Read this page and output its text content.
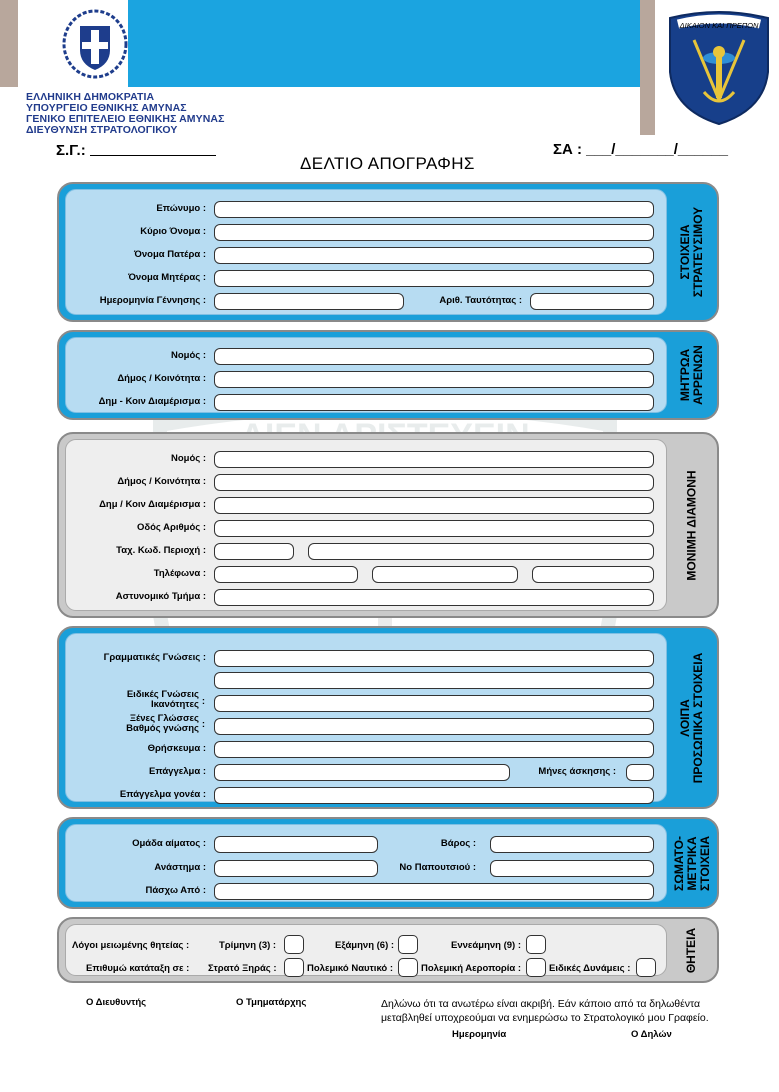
ΕΛΛΗΝΙΚΗ ΔΗΜΟΚΡΑΤΙΑ
ΥΠΟΥΡΓΕΙΟ ΕΘΝΙΚΗΣ ΑΜΥΝΑΣ
ΓΕΝΙΚΟ ΕΠΙΤΕΛΕΙΟ ΕΘΝΙΚΗΣ ΑΜΥΝΑΣ
ΔΙΕΥΘΥΝΣΗ ΣΤΡΑΤΟΛΟΓΙΚΟΥ
ΔΙΚΑΙΟΝ ΚΑΙ ΠΡΕΠΟΝ
Σ.Γ.:
ΔΕΛΤΙΟ ΑΠΟΓΡΑΦΗΣ
ΣΑ : ___/_______/______
Επώνυμο :
Κύριο Όνομα :
Όνομα Πατέρα :
Όνομα Μητέρας :
Ημερομηνία Γέννησης :	Αριθ. Ταυτότητας :
ΣΤΟΙΧΕΙΑ ΣΤΡΑΤΕΥΣΙΜΟΥ
Νομός :
Δήμος / Κοινότητα :
Δημ - Κοιν Διαμέρισμα :
ΜΗΤΡΩΑ ΑΡΡΕΝΩΝ
Νομός :
Δήμος / Κοινότητα :
Δημ / Κοιν Διαμέρισμα :
Οδός Αριθμός :
Ταχ. Κωδ. Περιοχή :
Τηλέφωνα :
Αστυνομικό Τμήμα :
ΜΟΝΙΜΗ ΔΙΑΜΟΝΗ
Γραμματικές Γνώσεις :
Ειδικές Γνώσεις
Ικανότητες :
Ξένες Γλώσσες
Βαθμός γνώσης :
Θρήσκευμα :
Επάγγελμα :	Μήνες άσκησης :
Επάγγελμα γονέα :
ΛΟΙΠΑ ΠΡΟΣΩΠΙΚΑ ΣΤΟΙΧΕΙΑ
Ομάδα αίματος :	Βάρος :
Ανάστημα :	Νο Παπουτσιού :
Πάσχω Από :
ΣΩΜΑΤΟ- ΜΕΤΡΙΚΑ ΣΤΟΙΧΕΙΑ
Λόγοι μειωμένης θητείας :	Τρίμηνη (3) :	Εξάμηνη (6) :	Εννεάμηνη (9) :
Επιθυμώ κατάταξη σε : Στρατό Ξηράς :	Πολεμικό Ναυτικό :	Πολεμική Αεροπορία :	Ειδικές Δυνάμεις :	ΘΗΤΕΙΑ
Ο Διευθυντής	Ο Τμηματάρχης	Δηλώνω ότι τα ανωτέρω είναι ακριβή. Εάν κάποιο από τα δηλωθέντα μεταβληθεί υποχρεούμαι να ενημερώσω το Στρατολογικό μου Γραφείο.
Ημερομηνία	Ο Δηλών
